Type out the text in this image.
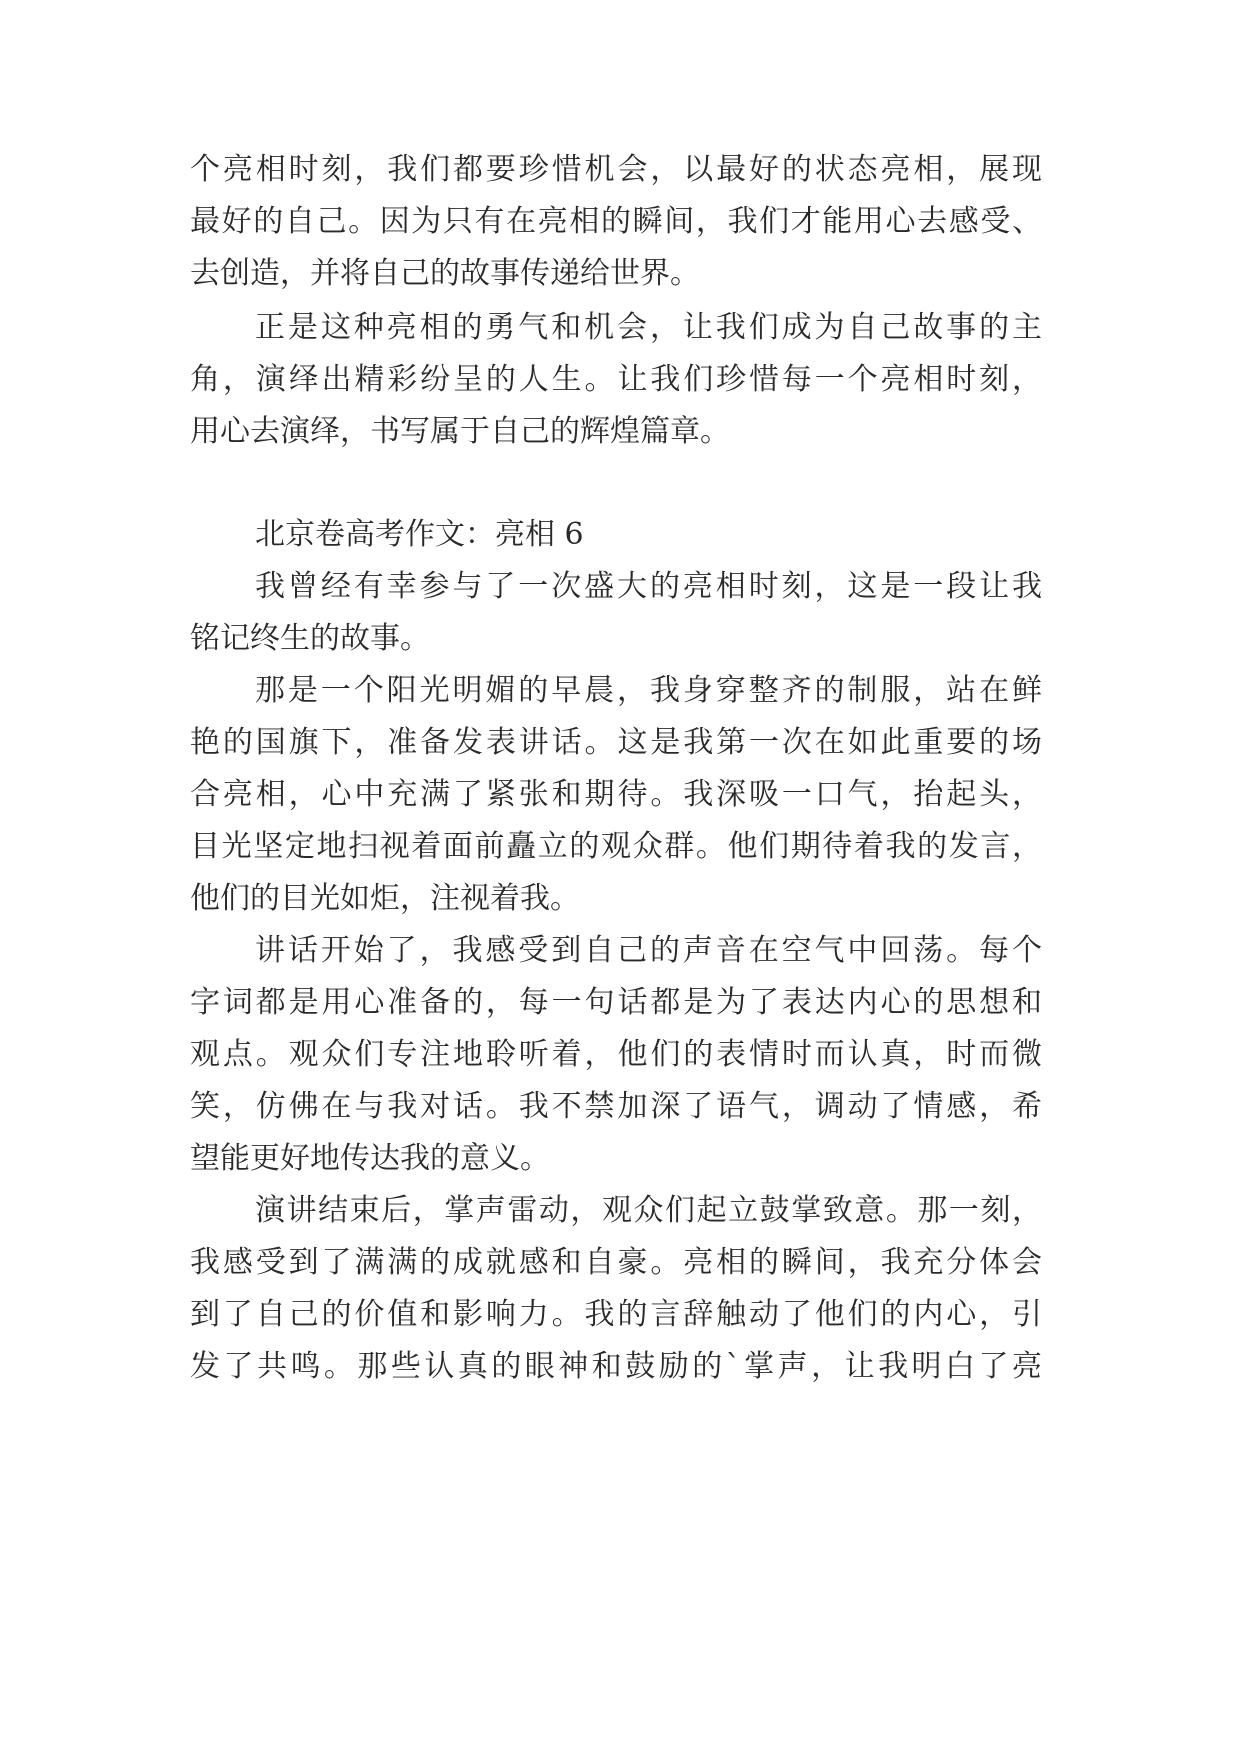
个亮相时刻，我们都要珍惜机会，以最好的状态亮相，展现
最好的自己。因为只有在亮相的瞬间，我们才能用心去感受、
去创造，并将自己的故事传递给世界。
正是这种亮相的勇气和机会，让我们成为自己故事的主
角，演绎出精彩纷呈的人生。让我们珍惜每一个亮相时刻，
用心去演绎，书写属于自己的辉煌篇章。
北京卷高考作文：亮相 6
我曾经有幸参与了一次盛大的亮相时刻，这是一段让我
铭记终生的故事。
那是一个阳光明媚的早晨，我身穿整齐的制服，站在鲜
艳的国旗下，准备发表讲话。这是我第一次在如此重要的场
合亮相，心中充满了紧张和期待。我深吸一口气，抬起头，
目光坚定地扫视着面前矗立的观众群。他们期待着我的发言，
他们的目光如炬，注视着我。
讲话开始了，我感受到自己的声音在空气中回荡。每个
字词都是用心准备的，每一句话都是为了表达内心的思想和
观点。观众们专注地聆听着，他们的表情时而认真，时而微
笑，仿佛在与我对话。我不禁加深了语气，调动了情感，希
望能更好地传达我的意义。
演讲结束后，掌声雷动，观众们起立鼓掌致意。那一刻，
我感受到了满满的成就感和自豪。亮相的瞬间，我充分体会
到了自己的价值和影响力。我的言辞触动了他们的内心，引
发了共鸣。那些认真的眼神和鼓励的`掌声，让我明白了亮
